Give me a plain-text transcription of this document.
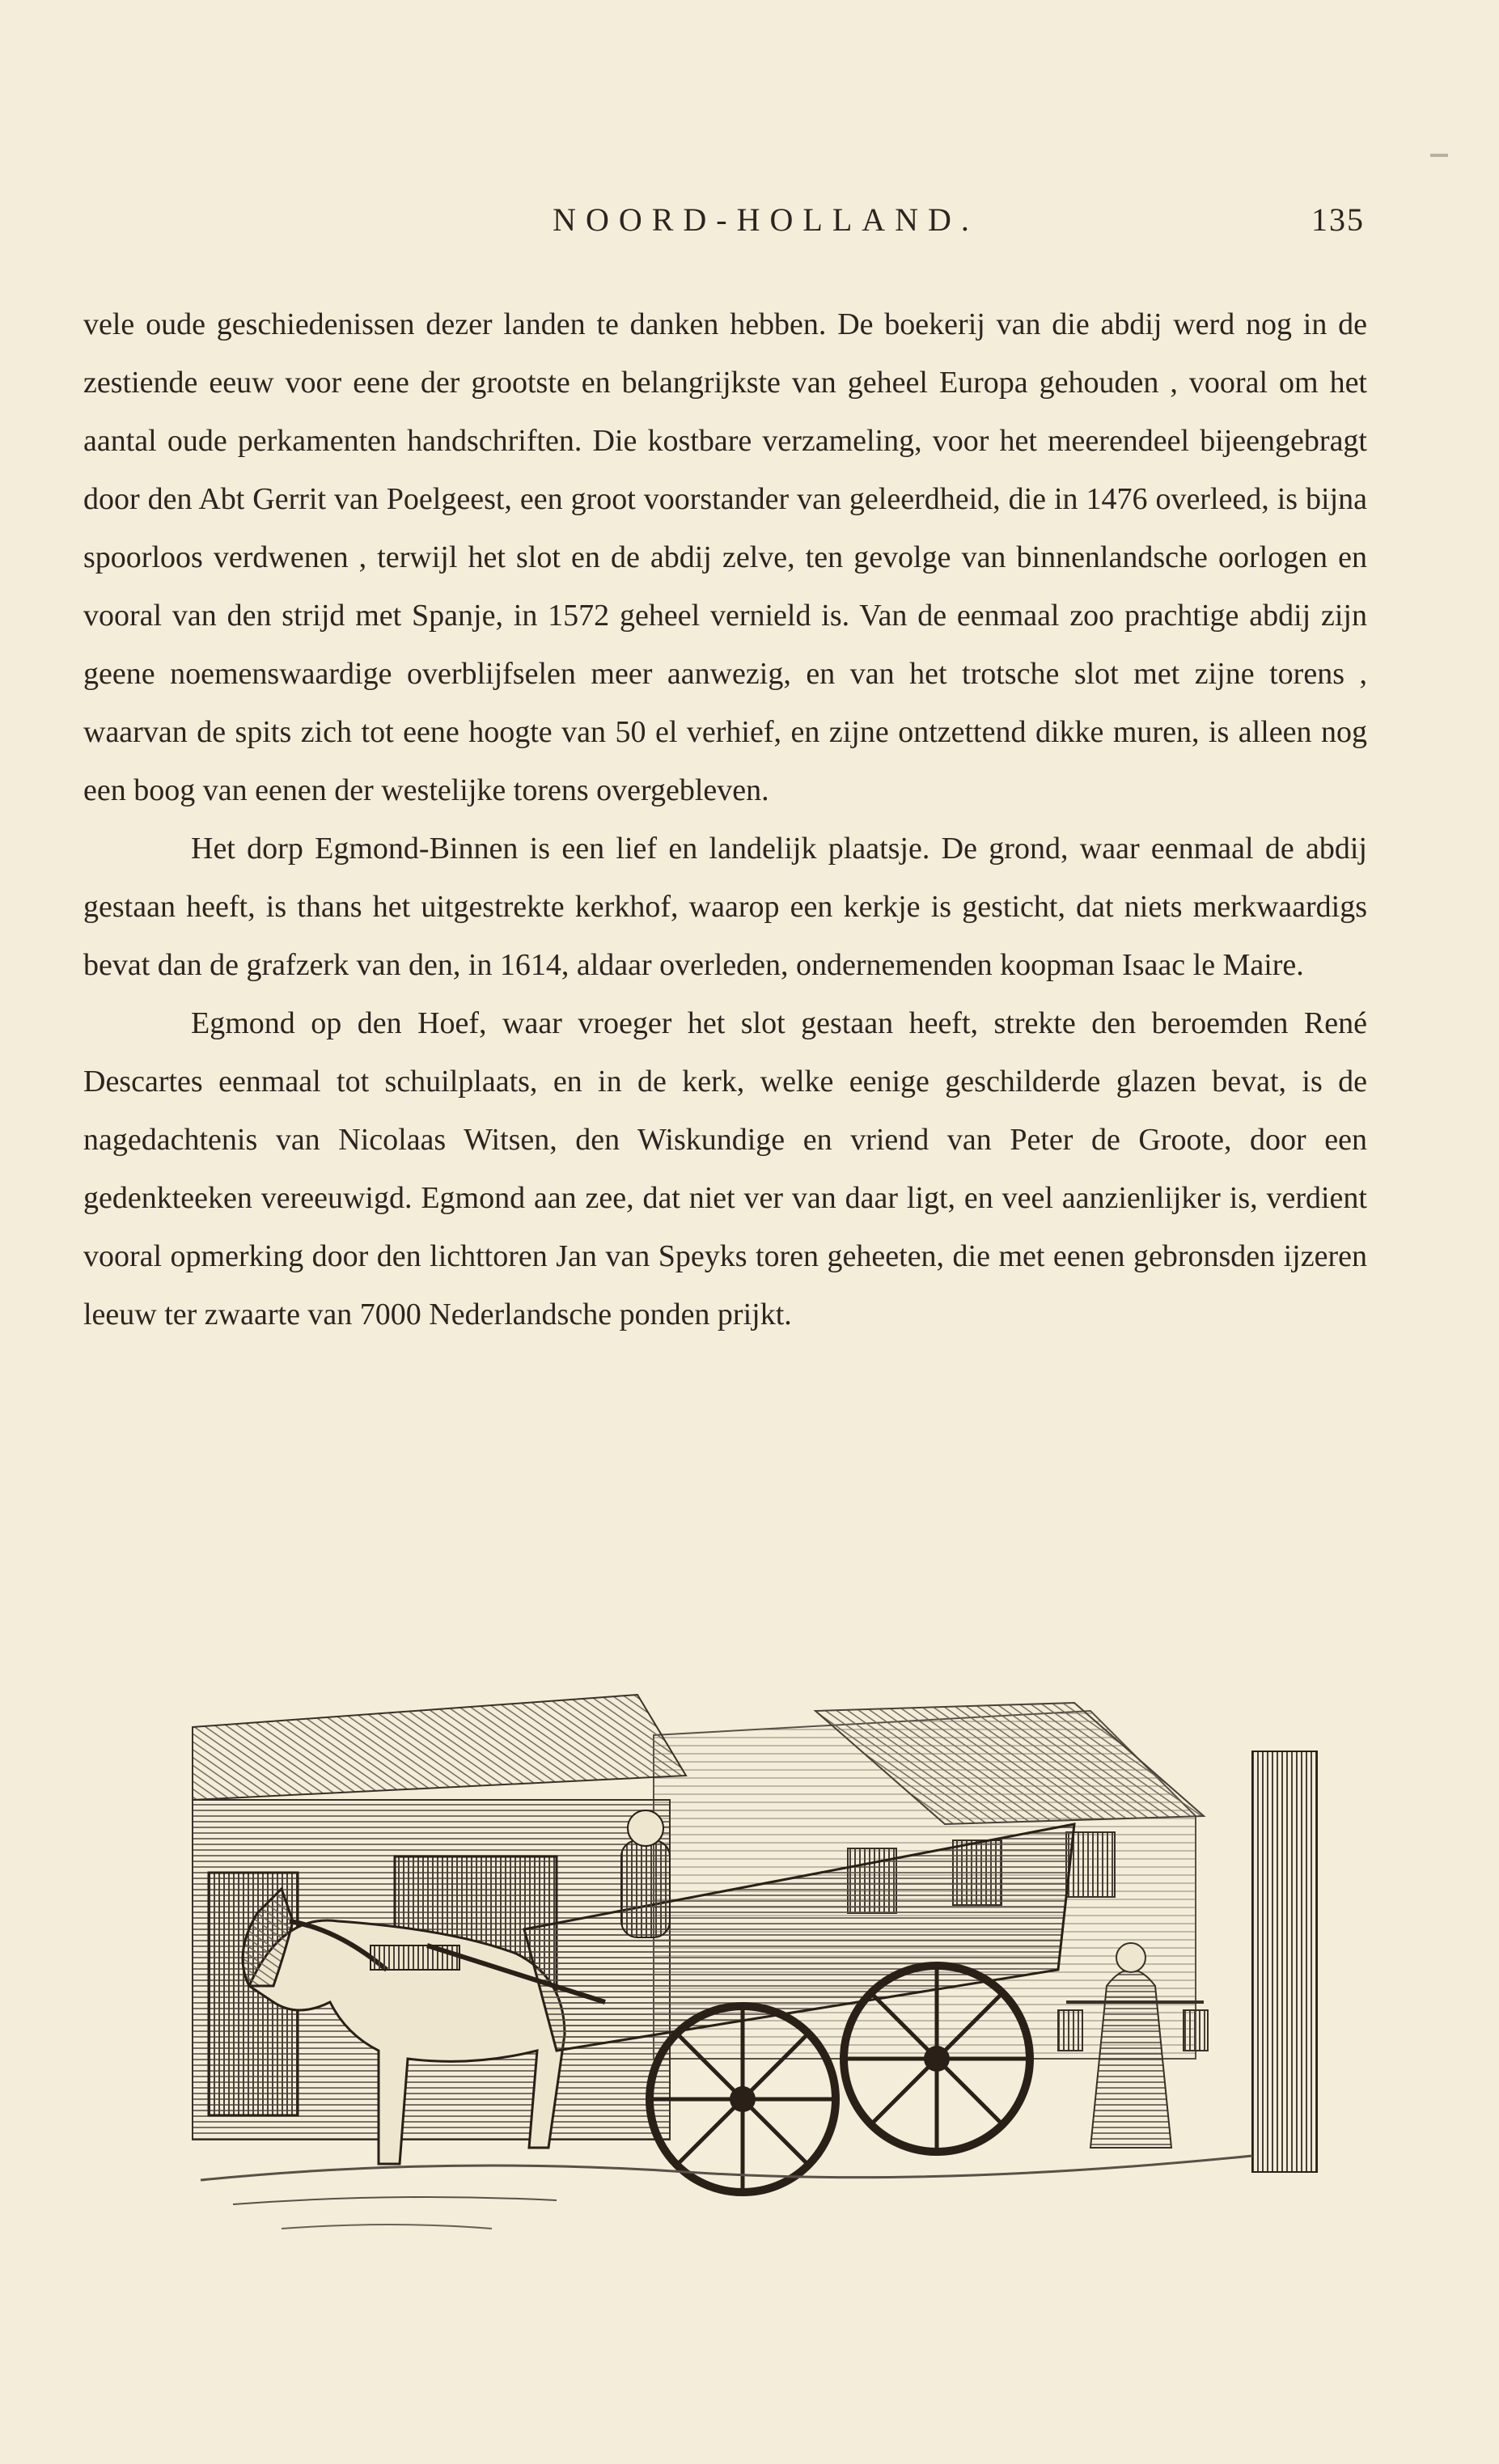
NOORD-HOLLAND.	135

vele oude geschiedenissen dezer landen te danken hebben. De boekerij van die abdij werd nog in de zestiende eeuw voor eene der grootste en belangrijkste van geheel Europa gehouden , vooral om het aantal oude perkamenten handschriften. Die kostbare verzameling, voor het meerendeel bijeengebragt door den Abt Gerrit van Poelgeest, een groot voorstander van geleerdheid, die in 1476 overleed, is bijna spoorloos verdwenen , terwijl het slot en de abdij zelve, ten gevolge van binnenlandsche oorlogen en vooral van den strijd met Spanje, in 1572 geheel vernield is. Van de eenmaal zoo prachtige abdij zijn geene noemenswaardige overblijfselen meer aanwezig, en van het trotsche slot met zijne torens , waarvan de spits zich tot eene hoogte van 50 el verhief, en zijne ontzettend dikke muren, is alleen nog een boog van eenen der westelijke torens overgebleven.

Het dorp Egmond-Binnen is een lief en landelijk plaatsje. De grond, waar eenmaal de abdij gestaan heeft, is thans het uitgestrekte kerkhof, waarop een kerkje is gesticht, dat niets merkwaardigs bevat dan de grafzerk van den, in 1614, aldaar overleden, ondernemenden koopman Isaac le Maire.

Egmond op den Hoef, waar vroeger het slot gestaan heeft, strekte den beroemden René Descartes eenmaal tot schuilplaats, en in de kerk, welke eenige geschilderde glazen bevat, is de nagedachtenis van Nicolaas Witsen, den Wiskundige en vriend van Peter de Groote, door een gedenkteeken vereeuwigd. Egmond aan zee, dat niet ver van daar ligt, en veel aanzienlijker is, verdient vooral opmerking door den lichttoren Jan van Speyks toren geheeten, die met eenen gebronsden ijzeren leeuw ter zwaarte van 7000 Nederlandsche ponden prijkt.
